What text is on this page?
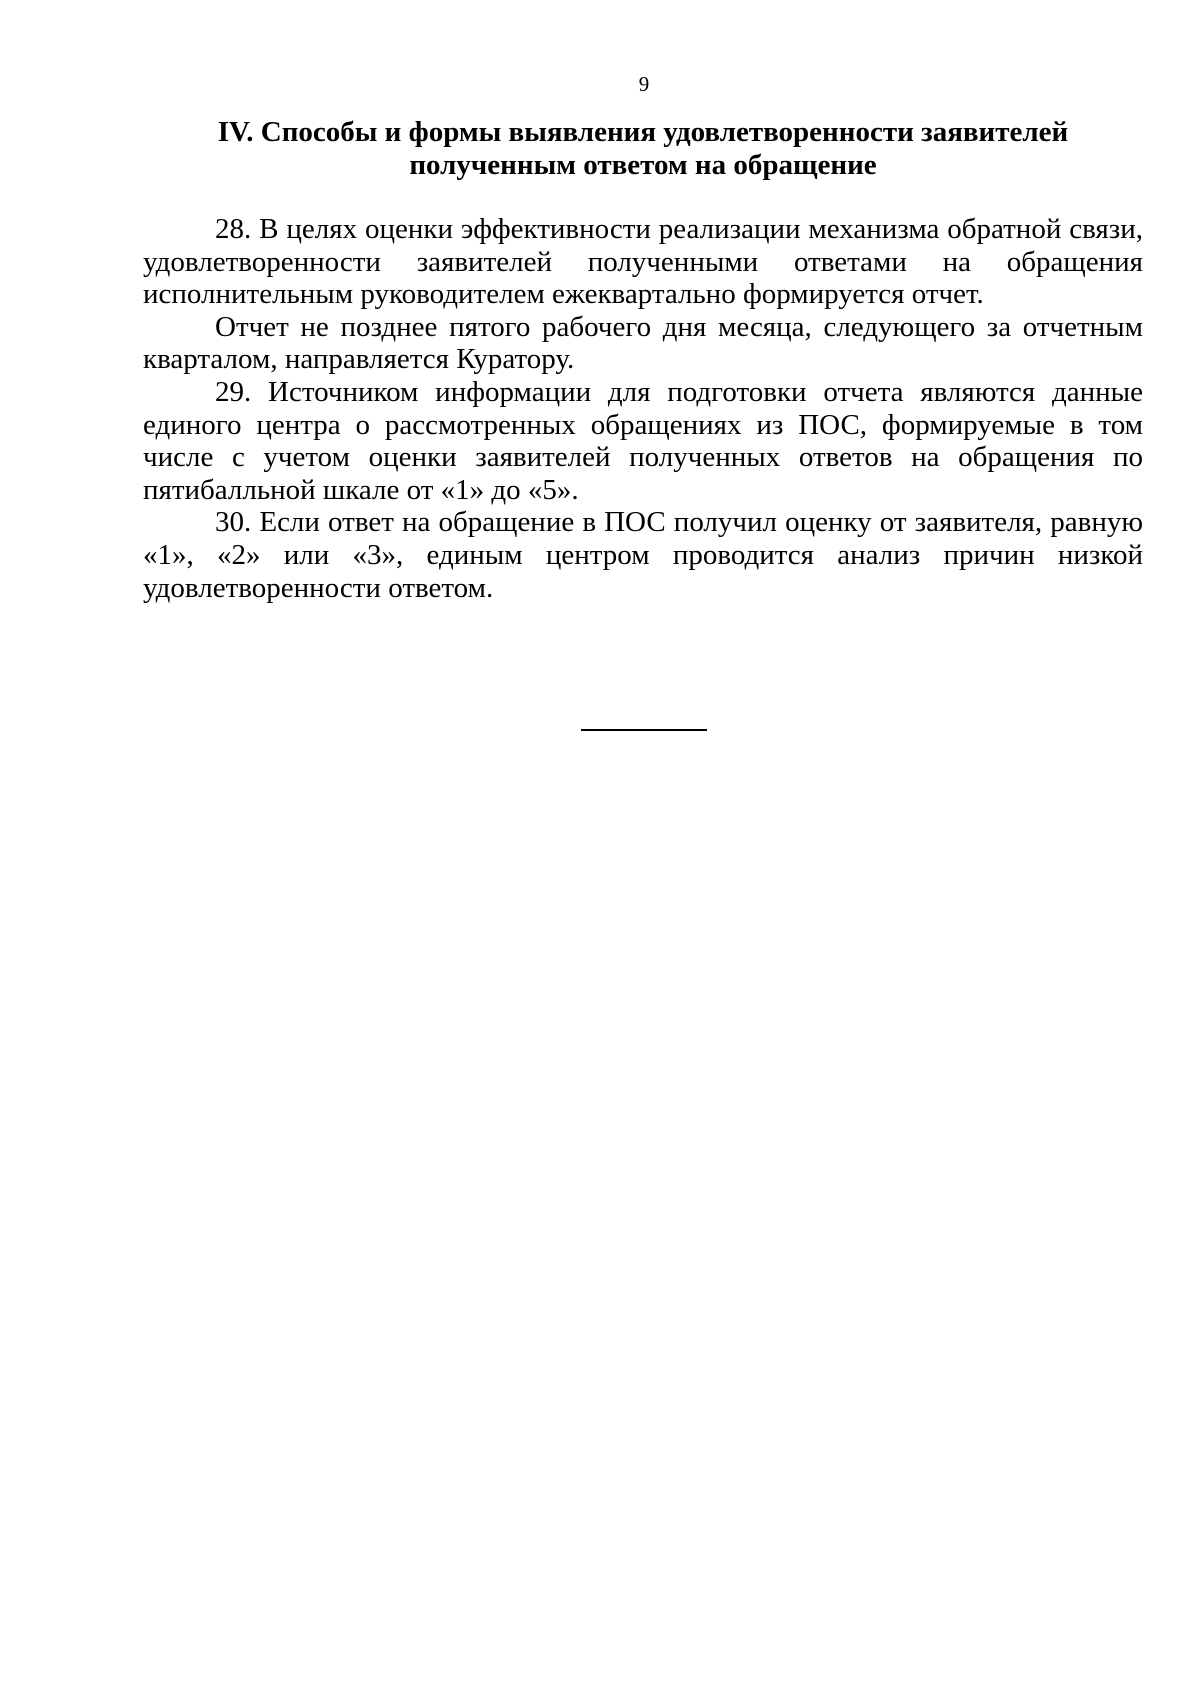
9
IV. Способы и формы выявления удовлетворенности заявителей
полученным ответом на обращение

28. В целях оценки эффективности реализации механизма обратной связи, удовлетворенности заявителей полученными ответами на обращения исполнительным руководителем ежеквартально формируется отчет.

Отчет не позднее пятого рабочего дня месяца, следующего за отчетным кварталом, направляется Куратору.

29. Источником информации для подготовки отчета являются данные единого центра о рассмотренных обращениях из ПОС, формируемые в том числе с учетом оценки заявителей полученных ответов на обращения по пятибалльной шкале от «1» до «5».

30. Если ответ на обращение в ПОС получил оценку от заявителя, равную «1», «2» или «3», единым центром проводится анализ причин низкой удовлетворенности ответом.
